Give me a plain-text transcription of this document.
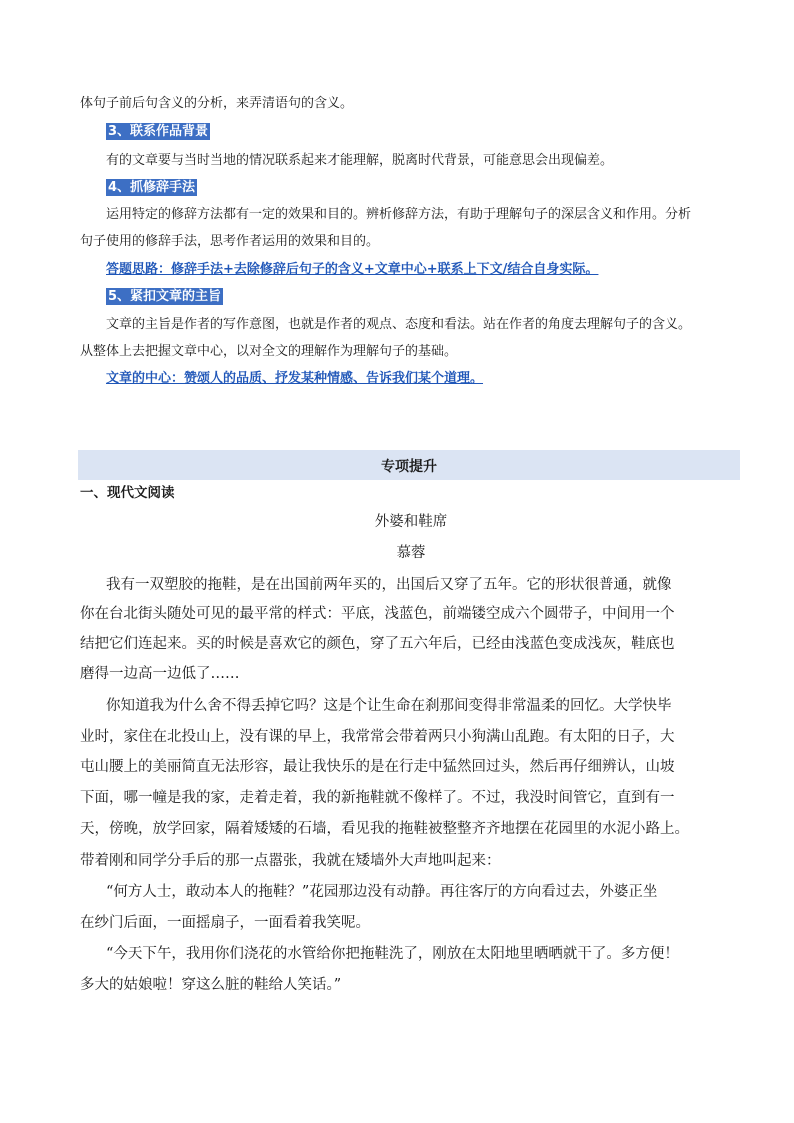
体句子前后句含义的分析，来弄清语句的含义。

3、联系作品背景

有的文章要与当时当地的情况联系起来才能理解，脱离时代背景，可能意思会出现偏差。

4、抓修辞手法

运用特定的修辞方法都有一定的效果和目的。辨析修辞方法，有助于理解句子的深层含义和作用。分析

句子使用的修辞手法，思考作者运用的效果和目的。

答题思路：修辞手法+去除修辞后句子的含义+文章中心+联系上下文/结合自身实际。

5、紧扣文章的主旨

文章的主旨是作者的写作意图，也就是作者的观点、态度和看法。站在作者的角度去理解句子的含义。

从整体上去把握文章中心，以对全文的理解作为理解句子的基础。

文章的中心：赞颂人的品质、抒发某种情感、告诉我们某个道理。

专项提升

一、现代文阅读

外婆和鞋席

慕蓉

我有一双塑胶的拖鞋，是在出国前两年买的，出国后又穿了五年。它的形状很普通，就像

你在台北街头随处可见的最平常的样式：平底，浅蓝色，前端镂空成六个圆带子，中间用一个

结把它们连起来。买的时候是喜欢它的颜色，穿了五六年后，已经由浅蓝色变成浅灰，鞋底也

磨得一边高一边低了……

你知道我为什么舍不得丢掉它吗？这是个让生命在刹那间变得非常温柔的回忆。大学快毕

业时，家住在北投山上，没有课的早上，我常常会带着两只小狗满山乱跑。有太阳的日子，大

屯山腰上的美丽简直无法形容，最让我快乐的是在行走中猛然回过头，然后再仔细辨认，山坡

下面，哪一幢是我的家，走着走着，我的新拖鞋就不像样了。不过，我没时间管它，直到有一

天，傍晚，放学回家，隔着矮矮的石墙，看见我的拖鞋被整整齐齐地摆在花园里的水泥小路上。

带着刚和同学分手后的那一点嚣张，我就在矮墙外大声地叫起来：

“何方人士，敢动本人的拖鞋？”花园那边没有动静。再往客厅的方向看过去，外婆正坐

在纱门后面，一面摇扇子，一面看着我笑呢。

“今天下午，我用你们浇花的水管给你把拖鞋洗了，刚放在太阳地里晒晒就干了。多方便！

多大的姑娘啦！穿这么脏的鞋给人笑话。”
